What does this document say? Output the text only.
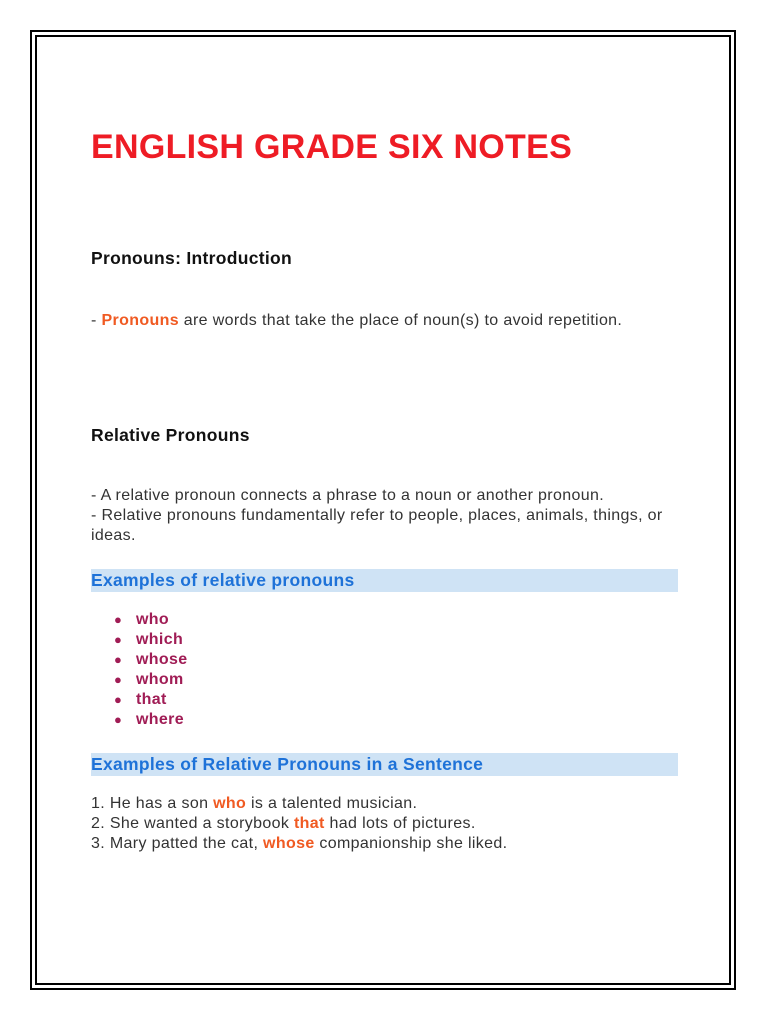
ENGLISH GRADE SIX NOTES
Pronouns: Introduction

- Pronouns are words that take the place of noun(s) to avoid repetition.

Relative Pronouns

- A relative pronoun connects a phrase to a noun or another pronoun.

- Relative pronouns fundamentally refer to people, places, animals, things, or ideas.

Examples of relative pronouns
● who
● which
● whose
● whom
● that
● where
Examples of Relative Pronouns in a Sentence
1. He has a son who is a talented musician.
2. She wanted a storybook that had lots of pictures.
3. Mary patted the cat, whose companionship she liked.
